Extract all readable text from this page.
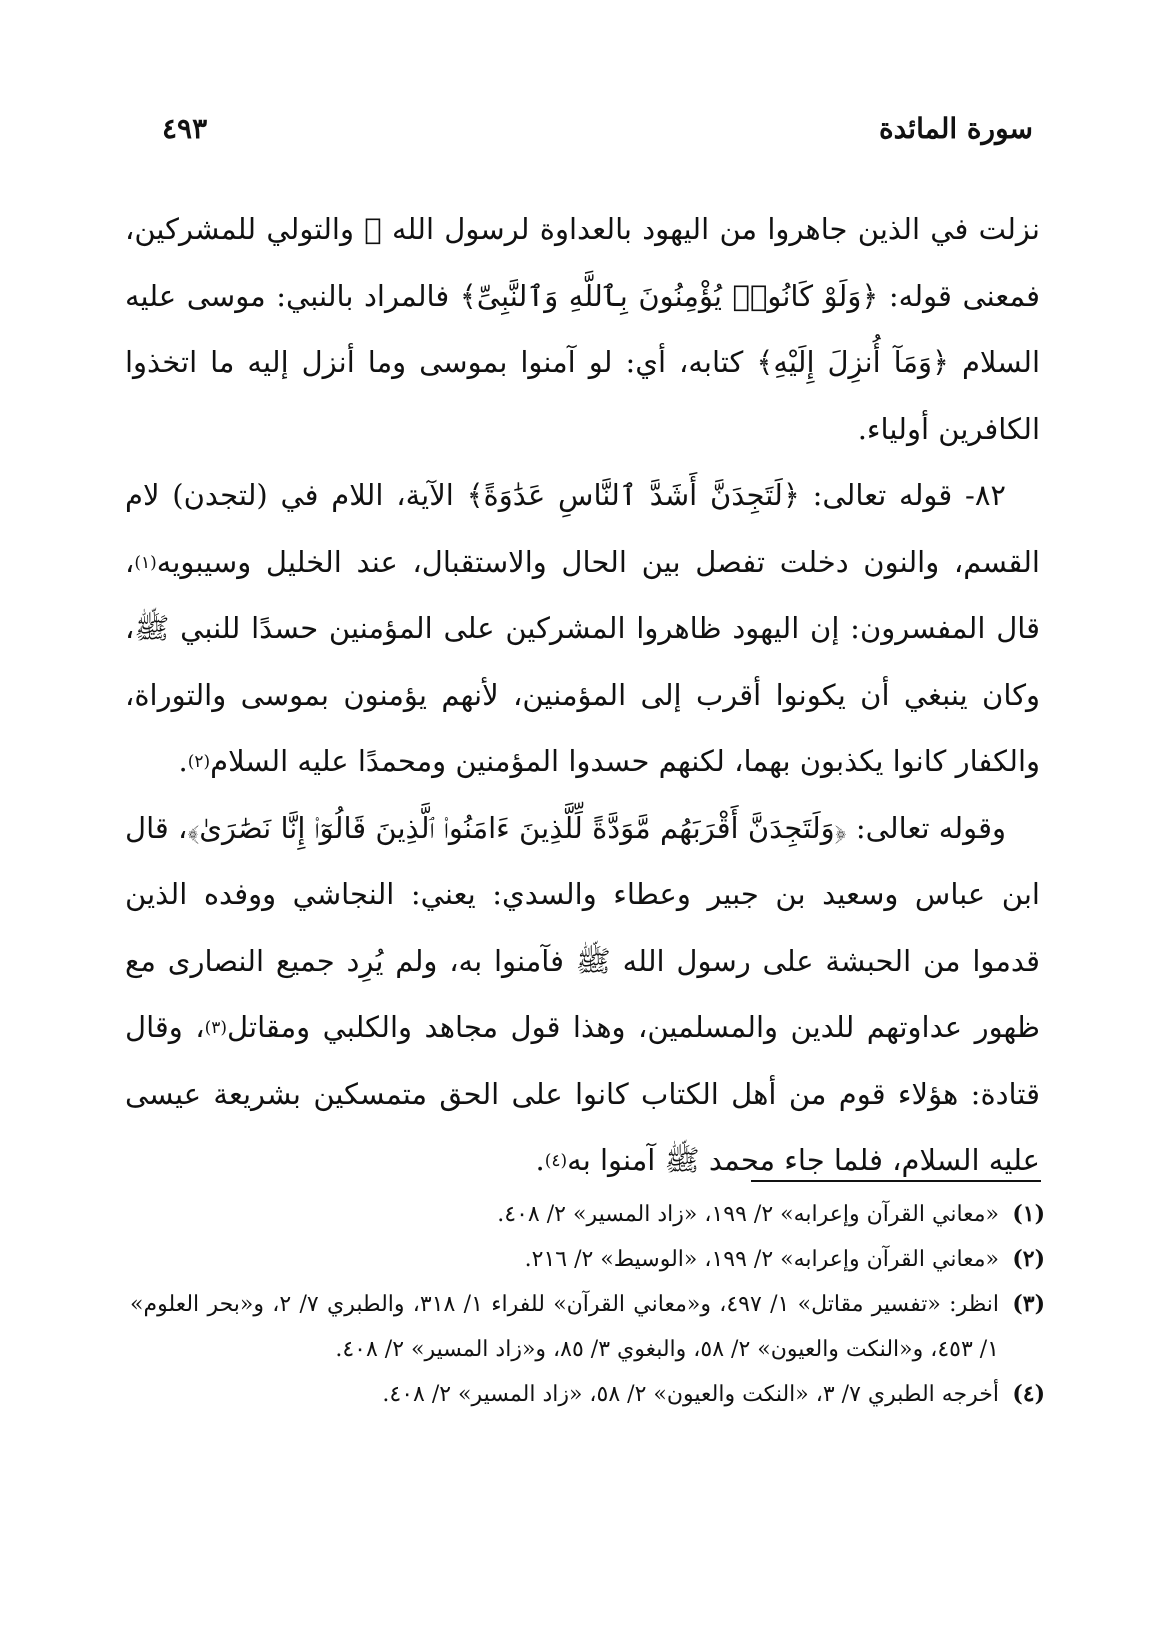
سورة المائدة
٤٩٣

نزلت في الذين جاهروا من اليهود بالعداوة لرسول الله ﷺ والتولي للمشركين، فمعنى قوله: ﴿وَلَوْ كَانُوا۟ يُؤْمِنُونَ بِٱللَّهِ وَٱلنَّبِىِّ﴾ فالمراد بالنبي: موسى عليه السلام ﴿وَمَآ أُنزِلَ إِلَيْهِ﴾ كتابه، أي: لو آمنوا بموسى وما أنزل إليه ما اتخذوا الكافرين أولياء.

٨٢- قوله تعالى: ﴿لَتَجِدَنَّ أَشَدَّ ٱلنَّاسِ عَدَٰوَةً﴾ الآية، اللام في (لتجدن) لام القسم، والنون دخلت تفصل بين الحال والاستقبال، عند الخليل وسيبويه$^{(١)}$، قال المفسرون: إن اليهود ظاهروا المشركين على المؤمنين حسدًا للنبي ﷺ، وكان ينبغي أن يكونوا أقرب إلى المؤمنين، لأنهم يؤمنون بموسى والتوراة، والكفار كانوا يكذبون بهما، لكنهم حسدوا المؤمنين ومحمدًا عليه السلام$^{(٢)}$.

وقوله تعالى: ﴿وَلَتَجِدَنَّ أَقْرَبَهُم مَّوَدَّةً لِّلَّذِينَ ءَامَنُوا۟ ٱلَّذِينَ قَالُوٓا۟ إِنَّا نَصَٰرَىٰ﴾، قال ابن عباس وسعيد بن جبير وعطاء والسدي: يعني: النجاشي ووفده الذين قدموا من الحبشة على رسول الله ﷺ فآمنوا به، ولم يُرِد جميع النصارى مع ظهور عداوتهم للدين والمسلمين، وهذا قول مجاهد والكلبي ومقاتل$^{(٣)}$، وقال قتادة: هؤلاء قوم من أهل الكتاب كانوا على الحق متمسكين بشريعة عيسى عليه السلام، فلما جاء محمد ﷺ آمنوا به$^{(٤)}$.

(١)
«معاني القرآن وإعرابه» ٢/ ١٩٩، «زاد المسير» ٢/ ٤٠٨.
(٢)
«معاني القرآن وإعرابه» ٢/ ١٩٩، «الوسيط» ٢/ ٢١٦.
(٣)
انظر: «تفسير مقاتل» ١/ ٤٩٧، و«معاني القرآن» للفراء ١/ ٣١٨، والطبري ٧/ ٢، و«بحر العلوم» ١/ ٤٥٣، و«النكت والعيون» ٢/ ٥٨، والبغوي ٣/ ٨٥، و«زاد المسير» ٢/ ٤٠٨.
(٤)
أخرجه الطبري ٧/ ٣، «النكت والعيون» ٢/ ٥٨، «زاد المسير» ٢/ ٤٠٨.
